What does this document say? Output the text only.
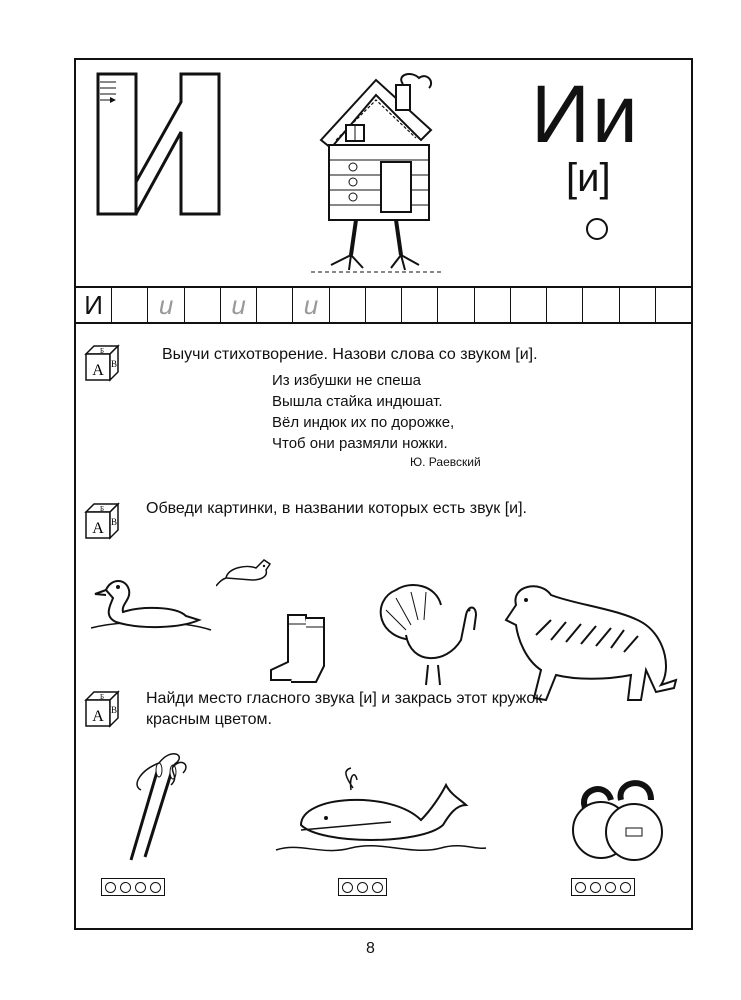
Ии
[и]
И	и	и	и
А
Б
В
Выучи стихотворение. Назови слова со звуком [и].
Из избушки не спеша
Вышла стайка индюшат.
Вёл индюк их по дорожке,
Чтоб они размяли ножки.
Ю. Раевский
А
Б
В
Обведи картинки, в названии которых есть звук [и].
А
Б
В
Найди место гласного звука [и] и закрась этот кружок
красным цветом.
8
